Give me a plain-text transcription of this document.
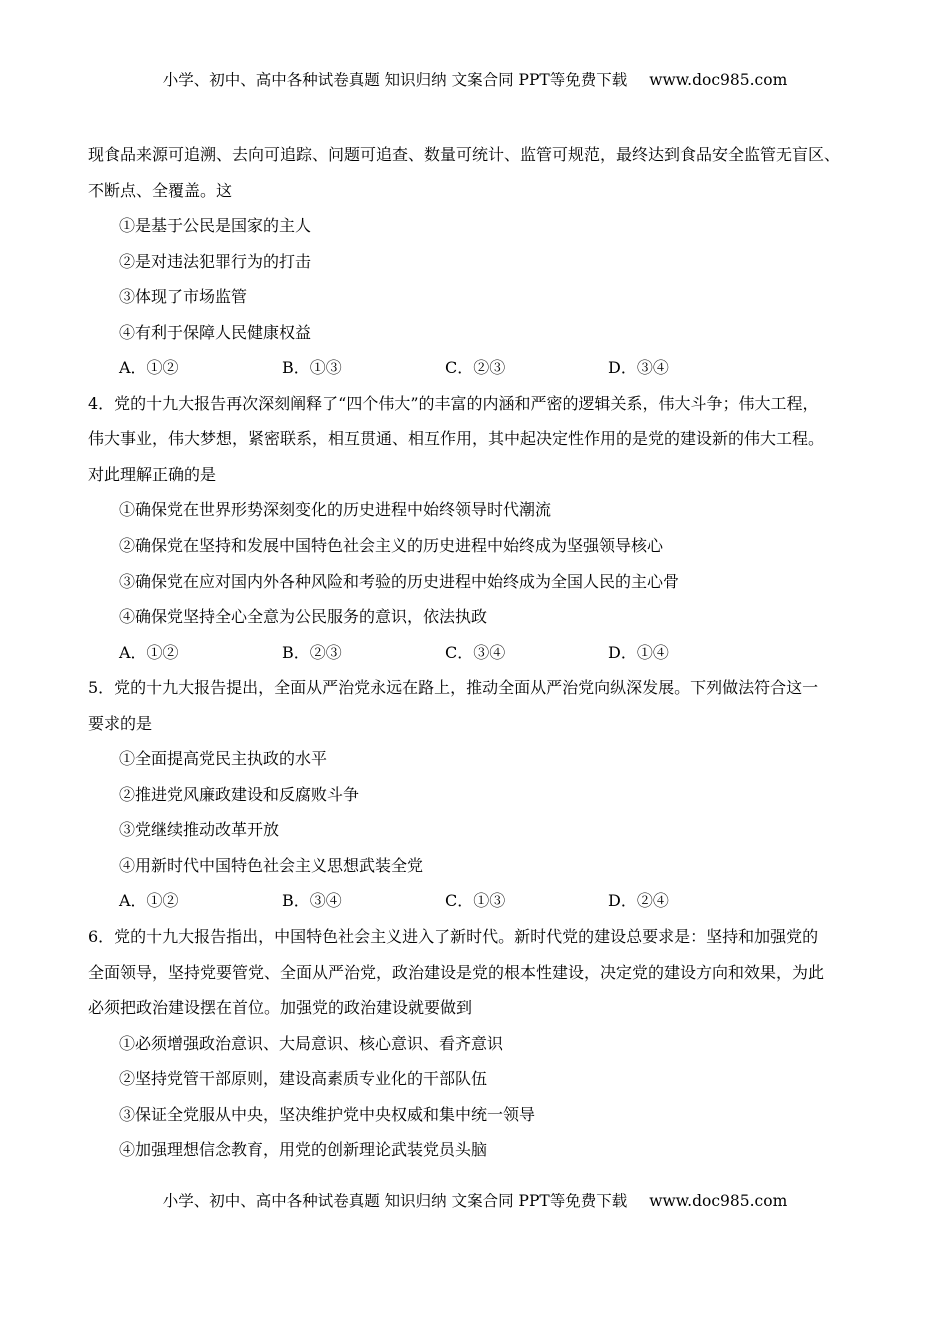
小学、初中、高中各种试卷真题 知识归纳 文案合同 PPT等免费下载 www.doc985.com
现食品来源可追溯、去向可追踪、问题可追查、数量可统计、监管可规范，最终达到食品安全监管无盲区、
不断点、全覆盖。这
①是基于公民是国家的主人
②是对违法犯罪行为的打击
③体现了市场监管
④有利于保障人民健康权益
A．①②	B．①③	C．②③	D．③④
4．党的十九大报告再次深刻阐释了“四个伟大”的丰富的内涵和严密的逻辑关系，伟大斗争；伟大工程，
伟大事业，伟大梦想，紧密联系，相互贯通、相互作用，其中起决定性作用的是党的建设新的伟大工程。
对此理解正确的是
①确保党在世界形势深刻变化的历史进程中始终领导时代潮流
②确保党在坚持和发展中国特色社会主义的历史进程中始终成为坚强领导核心
③确保党在应对国内外各种风险和考验的历史进程中始终成为全国人民的主心骨
④确保党坚持全心全意为公民服务的意识，依法执政
A．①②	B．②③	C．③④	D．①④
5．党的十九大报告提出，全面从严治党永远在路上，推动全面从严治党向纵深发展。下列做法符合这一
要求的是
①全面提高党民主执政的水平
②推进党风廉政建设和反腐败斗争
③党继续推动改革开放
④用新时代中国特色社会主义思想武装全党
A．①②	B．③④	C．①③	D．②④
6．党的十九大报告指出，中国特色社会主义进入了新时代。新时代党的建设总要求是：坚持和加强党的
全面领导，坚持党要管党、全面从严治党，政治建设是党的根本性建设，决定党的建设方向和效果，为此
必须把政治建设摆在首位。加强党的政治建设就要做到
①必须增强政治意识、大局意识、核心意识、看齐意识
②坚持党管干部原则，建设高素质专业化的干部队伍
③保证全党服从中央，坚决维护党中央权威和集中统一领导
④加强理想信念教育，用党的创新理论武装党员头脑
小学、初中、高中各种试卷真题 知识归纳 文案合同 PPT等免费下载 www.doc985.com
